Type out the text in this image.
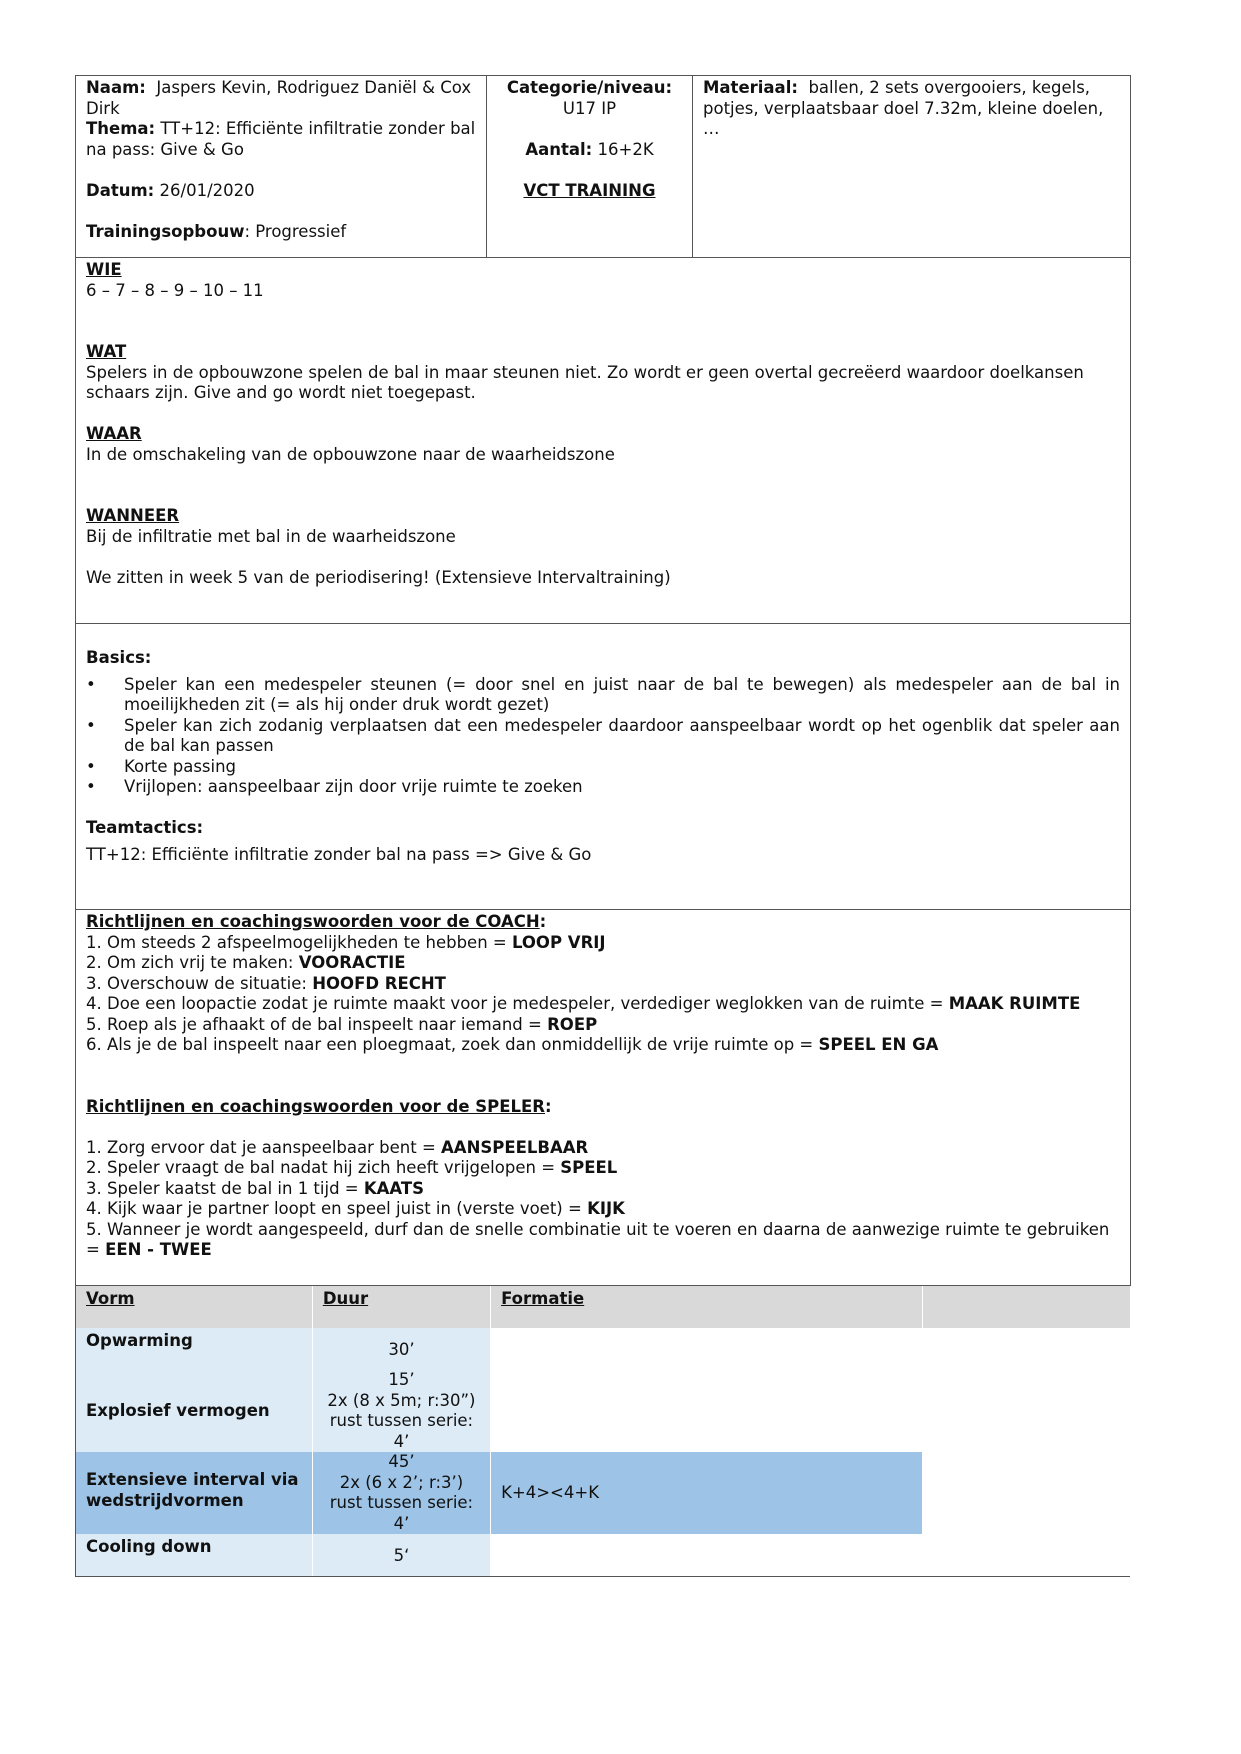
Naam: Jaspers Kevin, Rodriguez Daniël & Cox Dirk

Thema: TT+12: Efficiënte infiltratie zonder bal na pass: Give & Go

Datum: 26/01/2020

Trainingsopbouw: Progressief

Categorie/niveau:

U17 IP

Aantal: 16+2K

VCT TRAINING

Materiaal: ballen, 2 sets overgooiers, kegels, potjes, verplaatsbaar doel 7.32m, kleine doelen, …

WIE

6 – 7 – 8 – 9 – 10 – 11

WAT

Spelers in de opbouwzone spelen de bal in maar steunen niet. Zo wordt er geen overtal gecreëerd waardoor doelkansen schaars zijn. Give and go wordt niet toegepast.

WAAR

In de omschakeling van de opbouwzone naar de waarheidszone

WANNEER

Bij de infiltratie met bal in de waarheidszone

We zitten in week 5 van de periodisering! (Extensieve Intervaltraining)

Basics:

• Speler kan een medespeler steunen (= door snel en juist naar de bal te bewegen) als medespeler aan de bal in moeilijkheden zit (= als hij onder druk wordt gezet)
• Speler kan zich zodanig verplaatsen dat een medespeler daardoor aanspeelbaar wordt op het ogenblik dat speler aan de bal kan passen
• Korte passing
• Vrijlopen: aanspeelbaar zijn door vrije ruimte te zoeken

Teamtactics:

TT+12: Efficiënte infiltratie zonder bal na pass => Give & Go

Richtlijnen en coachingswoorden voor de COACH:

1. Om steeds 2 afspeelmogelijkheden te hebben = LOOP VRIJ

2. Om zich vrij te maken: VOORACTIE

3. Overschouw de situatie: HOOFD RECHT

4. Doe een loopactie zodat je ruimte maakt voor je medespeler, verdediger weglokken van de ruimte = MAAK RUIMTE

5. Roep als je afhaakt of de bal inspeelt naar iemand = ROEP

6. Als je de bal inspeelt naar een ploegmaat, zoek dan onmiddellijk de vrije ruimte op = SPEEL EN GA

Richtlijnen en coachingswoorden voor de SPELER:

1. Zorg ervoor dat je aanspeelbaar bent = AANSPEELBAAR

2. Speler vraagt de bal nadat hij zich heeft vrijgelopen = SPEEL

3. Speler kaatst de bal in 1 tijd = KAATS

4. Kijk waar je partner loopt en speel juist in (verste voet) = KIJK

5. Wanneer je wordt aangespeeld, durf dan de snelle combinatie uit te voeren en daarna de aanwezige ruimte te gebruiken = EEN - TWEE

Vorm	Duur	Formatie	
Opwarming	30’		
Explosief vermogen	15’
2x (8 x 5m; r:30”) rust tussen serie: 4’		
Extensieve interval via wedstrijdvormen	45’
2x (6 x 2’; r:3’) rust tussen serie: 4’	K+4><4+K	
Cooling down	5‘		
